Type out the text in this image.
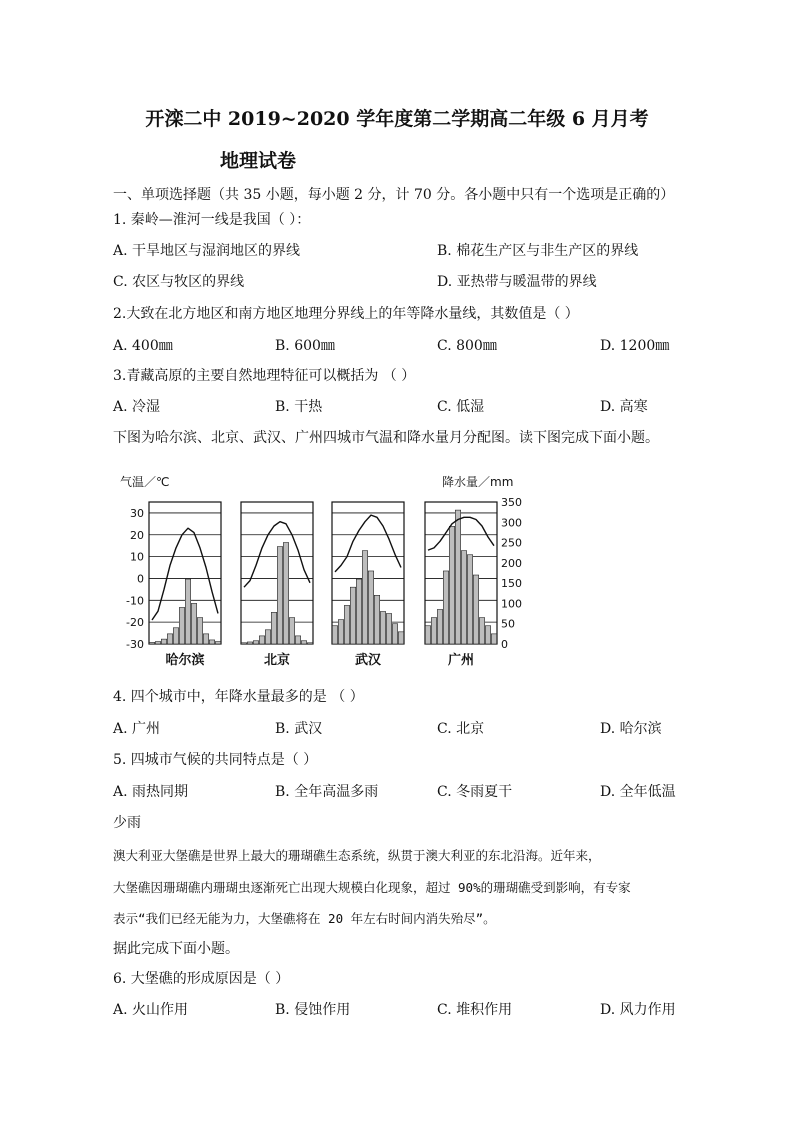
开滦二中 2019~2020 学年度第二学期高二年级 6 月月考
地理试卷
一、单项选择题（共 35 小题，每小题 2 分，计 70 分。各小题中只有一个选项是正确的）
1. 秦岭—淮河一线是我国（ ）：
A. 干旱地区与湿润地区的界线	B. 棉花生产区与非生产区的界线
C. 农区与牧区的界线	D. 亚热带与暖温带的界线
2.大致在北方地区和南方地区地理分界线上的年等降水量线，其数值是（ ）
A. 400㎜	B. 600㎜	C. 800㎜	D. 1200㎜
3.青藏高原的主要自然地理特征可以概括为 （ ）
A. 冷湿	B. 干热	C. 低湿	D. 高寒
下图为哈尔滨、北京、武汉、广州四城市气温和降水量月分配图。读下图完成下面小题。
气温／℃	降水量／mm
30
20
10
0
-10
-20
-30
350
300
250
200
150
100
50
0
哈尔滨	北京	武汉	广州
4. 四个城市中，年降水量最多的是 （ ）
A. 广州	B. 武汉	C. 北京	D. 哈尔滨
5. 四城市气候的共同特点是（ ）
A. 雨热同期	B. 全年高温多雨	C. 冬雨夏干	D. 全年低温
少雨
澳大利亚大堡礁是世界上最大的珊瑚礁生态系统，纵贯于澳大利亚的东北沿海。近年来，
大堡礁因珊瑚礁内珊瑚虫逐渐死亡出现大规模白化现象，超过 90%的珊瑚礁受到影响，有专家
表示“我们已经无能为力，大堡礁将在 20 年左右时间内消失殆尽”。
据此完成下面小题。
6. 大堡礁的形成原因是（ ）
A. 火山作用	B. 侵蚀作用	C. 堆积作用	D. 风力作用
